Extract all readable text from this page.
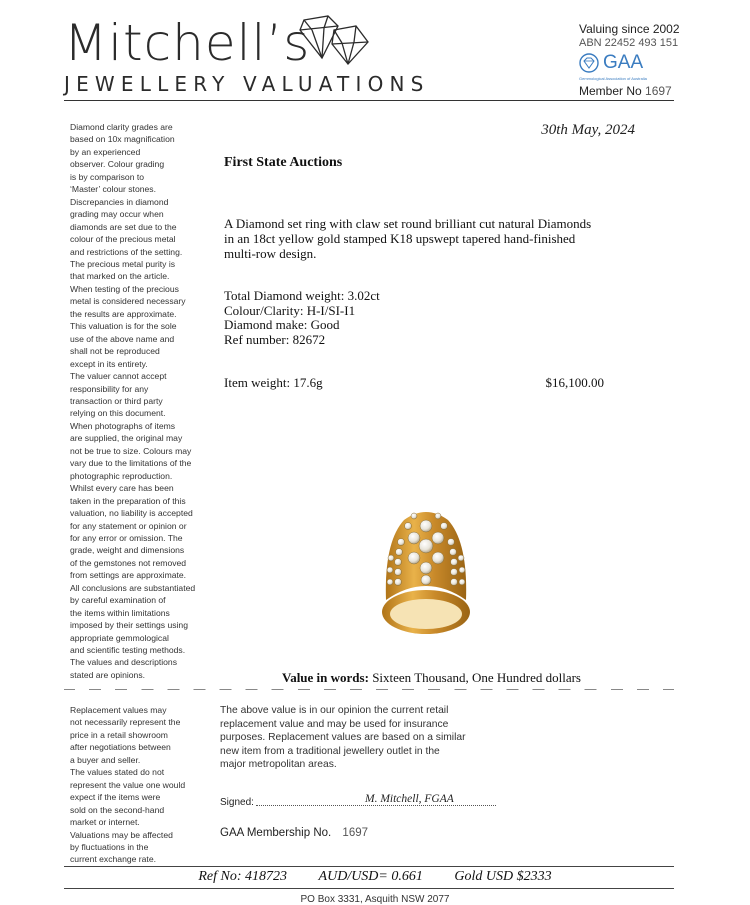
Mitchell’s
JEWELLERY VALUATIONS
Valuing since 2002
ABN 22452 493 151
GAA
Gemmological Association of Australia
Member No 1697

Diamond clarity grades are

based on 10x magnification

by an experienced

observer. Colour grading

is by comparison to

‘Master’ colour stones.

Discrepancies in diamond

grading may occur when

diamonds are set due to the

colour of the precious metal

and restrictions of the setting.

The precious metal purity is

that marked on the article.

When testing of the precious

metal is considered necessary

the results are approximate.

This valuation is for the sole

use of the above name and

shall not be reproduced

except in its entirety.

The valuer cannot accept

responsibility for any

transaction or third party

relying on this document.

When photographs of items

are supplied, the original may

not be true to size. Colours may

vary due to the limitations of the

photographic reproduction.

Whilst every care has been

taken in the preparation of this

valuation, no liability is accepted

for any statement or opinion or

for any error or omission. The

grade, weight and dimensions

of the gemstones not removed

from settings are approximate.

All conclusions are substantiated

by careful examination of

the items within limitations

imposed by their settings using

appropriate gemmological

and scientific testing methods.

The values and descriptions

stated are opinions.

30th May, 2024
First State Auctions
A Diamond set ring with claw set round brilliant cut natural Diamonds
in an 18ct yellow gold stamped K18 upswept tapered hand-finished
multi-row design.
Total Diamond weight: 3.02ct
Colour/Clarity: H-I/SI-I1
Diamond make: Good
Ref number: 82672
Item weight: 17.6g	$16,100.00
Value in words: Sixteen Thousand, One Hundred dollars

Replacement values may

not necessarily represent the

price in a retail showroom

after negotiations between

a buyer and seller.

The values stated do not

represent the value one would

expect if the items were

sold on the second-hand

market or internet.

Valuations may be affected

by fluctuations in the

current exchange rate.

The above value is in our opinion the current retail
replacement value and may be used for insurance
purposes. Replacement values are based on a similar
new item from a traditional jewellery outlet in the
major metropolitan areas.
Signed:	M. Mitchell, FGAA
GAA Membership No. 1697
Ref No: 418723 AUD/USD= 0.661 Gold USD $2333
PO Box 3331, Asquith NSW 2077
